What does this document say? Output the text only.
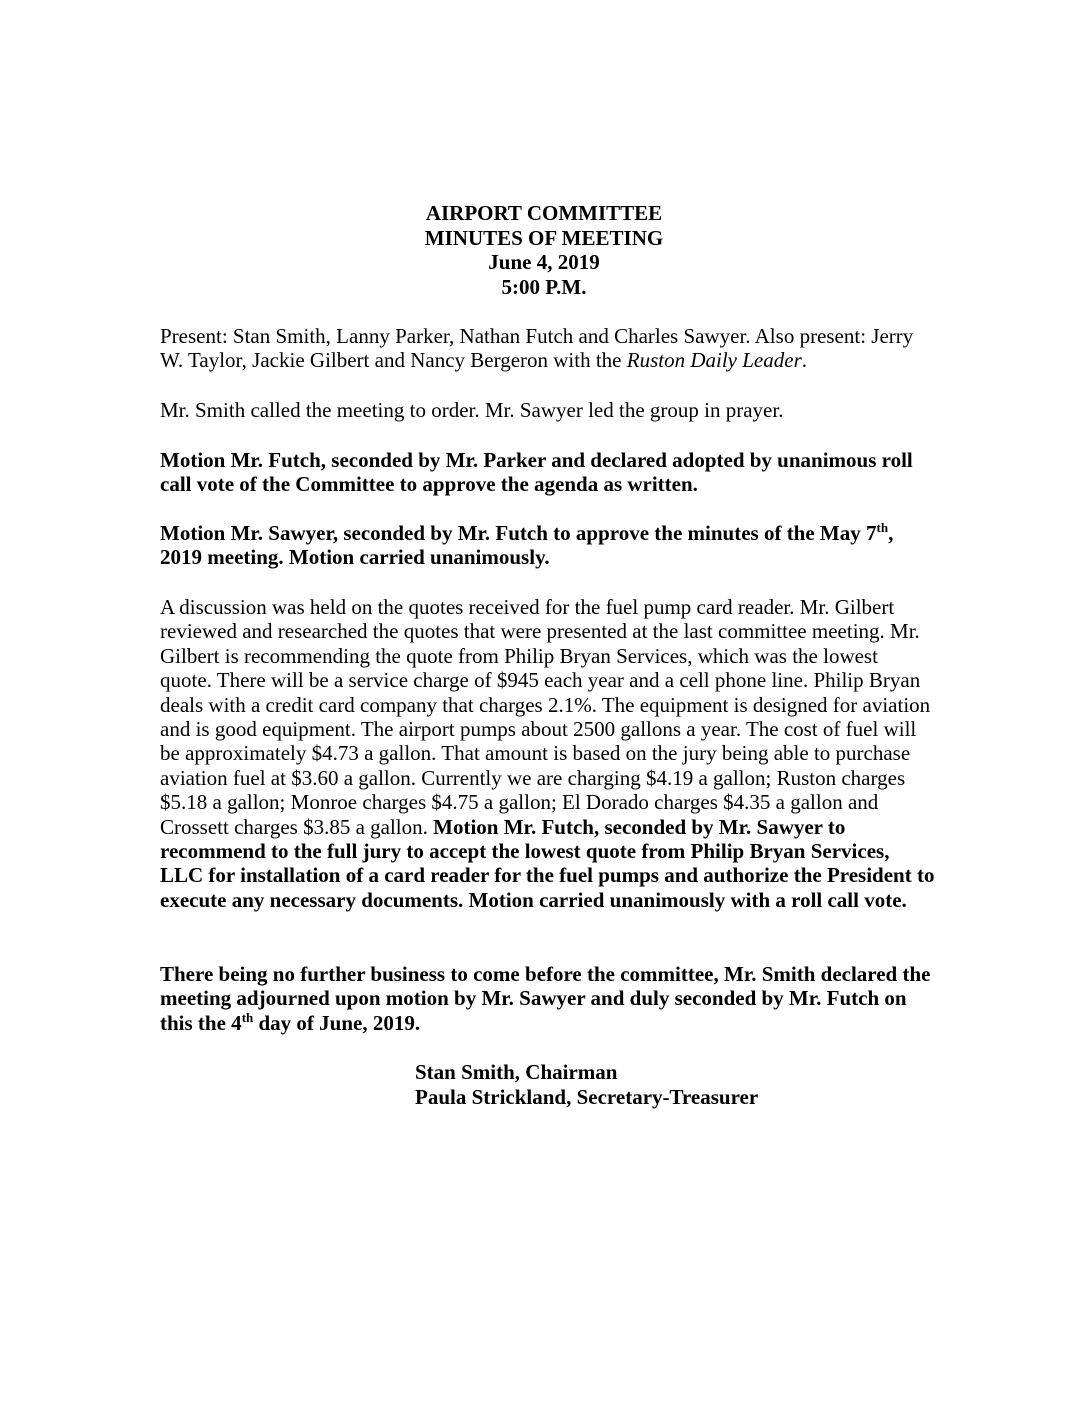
AIRPORT COMMITTEE
MINUTES OF MEETING
June 4, 2019
5:00 P.M.
Present: Stan Smith, Lanny Parker, Nathan Futch and Charles Sawyer. Also present: Jerry W. Taylor, Jackie Gilbert and Nancy Bergeron with the Ruston Daily Leader.
Mr. Smith called the meeting to order. Mr. Sawyer led the group in prayer.
Motion Mr. Futch, seconded by Mr. Parker and declared adopted by unanimous roll call vote of the Committee to approve the agenda as written.
Motion Mr. Sawyer, seconded by Mr. Futch to approve the minutes of the May 7th, 2019 meeting. Motion carried unanimously.
A discussion was held on the quotes received for the fuel pump card reader. Mr. Gilbert reviewed and researched the quotes that were presented at the last committee meeting. Mr. Gilbert is recommending the quote from Philip Bryan Services, which was the lowest quote. There will be a service charge of $945 each year and a cell phone line. Philip Bryan deals with a credit card company that charges 2.1%. The equipment is designed for aviation and is good equipment. The airport pumps about 2500 gallons a year. The cost of fuel will be approximately $4.73 a gallon. That amount is based on the jury being able to purchase aviation fuel at $3.60 a gallon. Currently we are charging $4.19 a gallon; Ruston charges $5.18 a gallon; Monroe charges $4.75 a gallon; El Dorado charges $4.35 a gallon and Crossett charges $3.85 a gallon. Motion Mr. Futch, seconded by Mr. Sawyer to recommend to the full jury to accept the lowest quote from Philip Bryan Services, LLC for installation of a card reader for the fuel pumps and authorize the President to execute any necessary documents. Motion carried unanimously with a roll call vote.
There being no further business to come before the committee, Mr. Smith declared the meeting adjourned upon motion by Mr. Sawyer and duly seconded by Mr. Futch on this the 4th day of June, 2019.
Stan Smith, Chairman
Paula Strickland, Secretary-Treasurer
